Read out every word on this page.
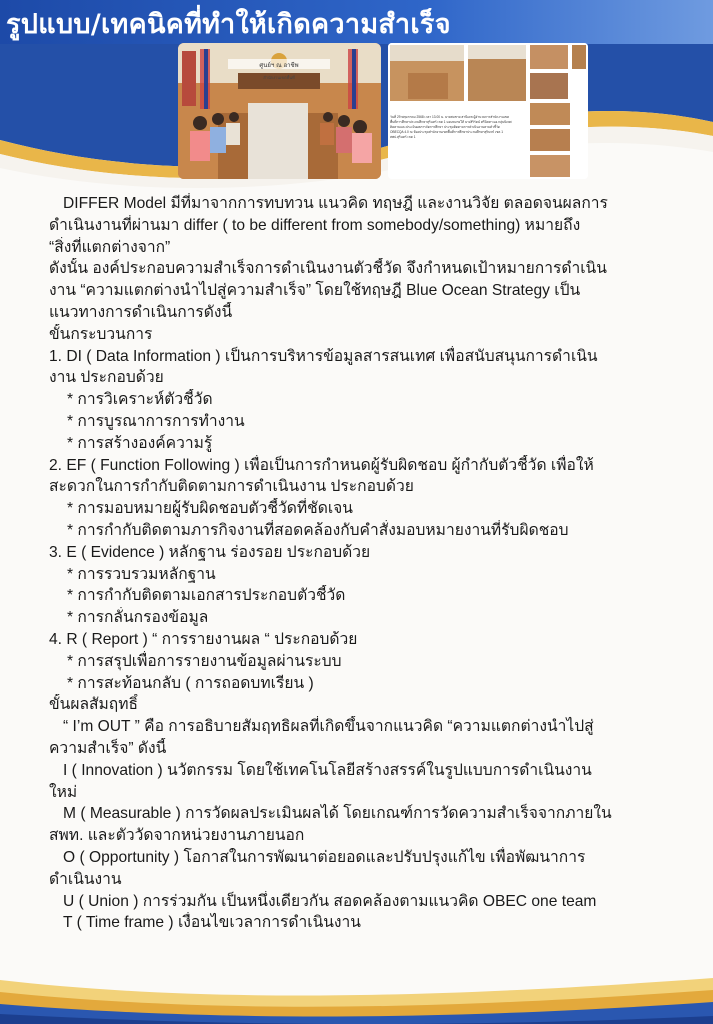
รูปแบบ/เทคนิคที่ทำให้เกิดความสำเร็จ
ศูนย์ฯ ณ อาชีพ
สำนักงานเขตพื้นที่
วันที่ 29 พฤษภาคม 2568 เวลา 13.00 น. นายสมชาย สานีเดช ผู้อำนวยการสำนักงานเขตพื้นที่การศึกษาประถมศึกษาสุรินทร์ เขต 1 มอบหมายให้ นางสิริรัตน์ ศรีนิลทา ผอ.กลุ่มนิเทศติดตามและประเมินผลการจัดการศึกษา ประชุมติดตามการดำเนินงานตามตัวชี้วัด OBECQA 4.0 ณ ห้องประชุมสำนักงานเขตพื้นที่การศึกษาประถมศึกษาสุรินทร์ เขต 1
สพป.สุรินทร์ เขต 1
DIFFER Model มีที่มาจากการทบทวน แนวคิด ทฤษฎี และงานวิจัย ตลอดจนผลการ
ดำเนินงานที่ผ่านมา differ ( to be different from somebody/something) หมายถึง
“สิ่งที่แตกต่างจาก”
ดังนั้น องค์ประกอบความสำเร็จการดำเนินงานตัวชี้วัด จึงกำหนดเป้าหมายการดำเนิน
งาน “ความแตกต่างนำไปสู่ความสำเร็จ” โดยใช้ทฤษฎี Blue Ocean Strategy เป็น
แนวทางการดำเนินการดังนี้
ขั้นกระบวนการ
1. DI ( Data Information ) เป็นการบริหารข้อมูลสารสนเทศ เพื่อสนับสนุนการดำเนิน
งาน ประกอบด้วย
* การวิเคราะห์ตัวชี้วัด
* การบูรณาการการทำงาน
* การสร้างองค์ความรู้
2. EF ( Function Following ) เพื่อเป็นการกำหนดผู้รับผิดชอบ ผู้กำกับตัวชี้วัด เพื่อให้
สะดวกในการกำกับติดตามการดำเนินงาน ประกอบด้วย
* การมอบหมายผู้รับผิดชอบตัวชี้วัดที่ชัดเจน
* การกำกับติดตามภารกิจงานที่สอดคล้องกับคำสั่งมอบหมายงานที่รับผิดชอบ
3. E ( Evidence ) หลักฐาน ร่องรอย ประกอบด้วย
* การรวบรวมหลักฐาน
* การกำกับติดตามเอกสารประกอบตัวชี้วัด
* การกลั่นกรองข้อมูล
4. R ( Report ) “ การรายงานผล “ ประกอบด้วย
* การสรุปเพื่อการรายงานข้อมูลผ่านระบบ
* การสะท้อนกลับ ( การถอดบทเรียน )
ขั้นผลสัมฤทธิ์
“ I’m OUT ” คือ การอธิบายสัมฤทธิผลที่เกิดขึ้นจากแนวคิด “ความแตกต่างนำไปสู่
ความสำเร็จ” ดังนี้
I ( Innovation ) นวัตกรรม โดยใช้เทคโนโลยีสร้างสรรค์ในรูปแบบการดำเนินงาน
ใหม่
M ( Measurable ) การวัดผลประเมินผลได้ โดยเกณฑ์การวัดความสำเร็จจากภายใน
สพท. และตัววัดจากหน่วยงานภายนอก
O ( Opportunity ) โอกาสในการพัฒนาต่อยอดและปรับปรุงแก้ไข เพื่อพัฒนาการ
ดำเนินงาน
U ( Union ) การร่วมกัน เป็นหนึ่งเดียวกัน สอดคล้องตามแนวคิด OBEC one team
T ( Time frame ) เงื่อนไขเวลาการดำเนินงาน
